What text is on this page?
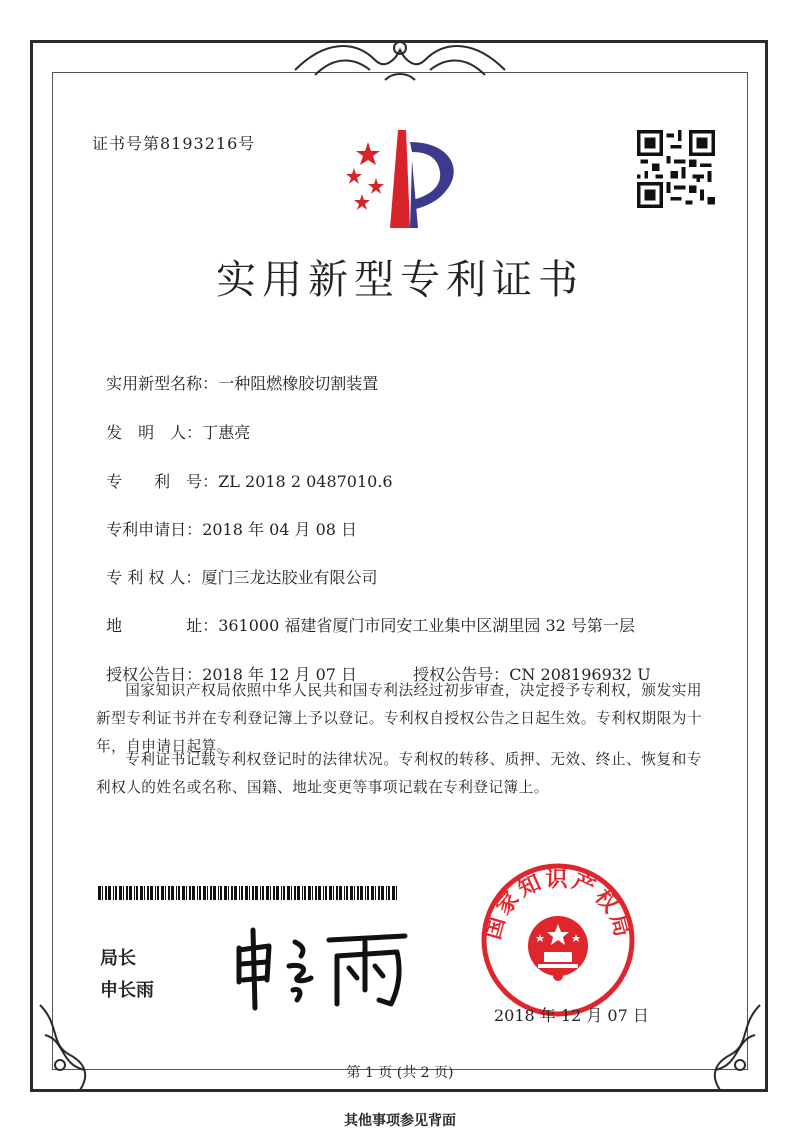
证书号第8193216号
实用新型专利证书

实用新型名称：一种阻燃橡胶切割装置

发　明　人：丁惠亮

专　　利　号：ZL 2018 2 0487010.6

专利申请日：2018 年 04 月 08 日

专 利 权 人：厦门三龙达胶业有限公司

地　　　　址：361000 福建省厦门市同安工业集中区湖里园 32 号第一层

授权公告日：2018 年 12 月 07 日	授权公告号：CN 208196932 U

国家知识产权局依照中华人民共和国专利法经过初步审查，决定授予专利权，颁发实用新型专利证书并在专利登记簿上予以登记。专利权自授权公告之日起生效。专利权期限为十年，自申请日起算。

专利证书记载专利权登记时的法律状况。专利权的转移、质押、无效、终止、恢复和专利权人的姓名或名称、国籍、地址变更等事项记载在专利登记簿上。

局长
申长雨
国家知识产权局
2018 年 12 月 07 日
第 1 页 (共 2 页)
其他事项参见背面
